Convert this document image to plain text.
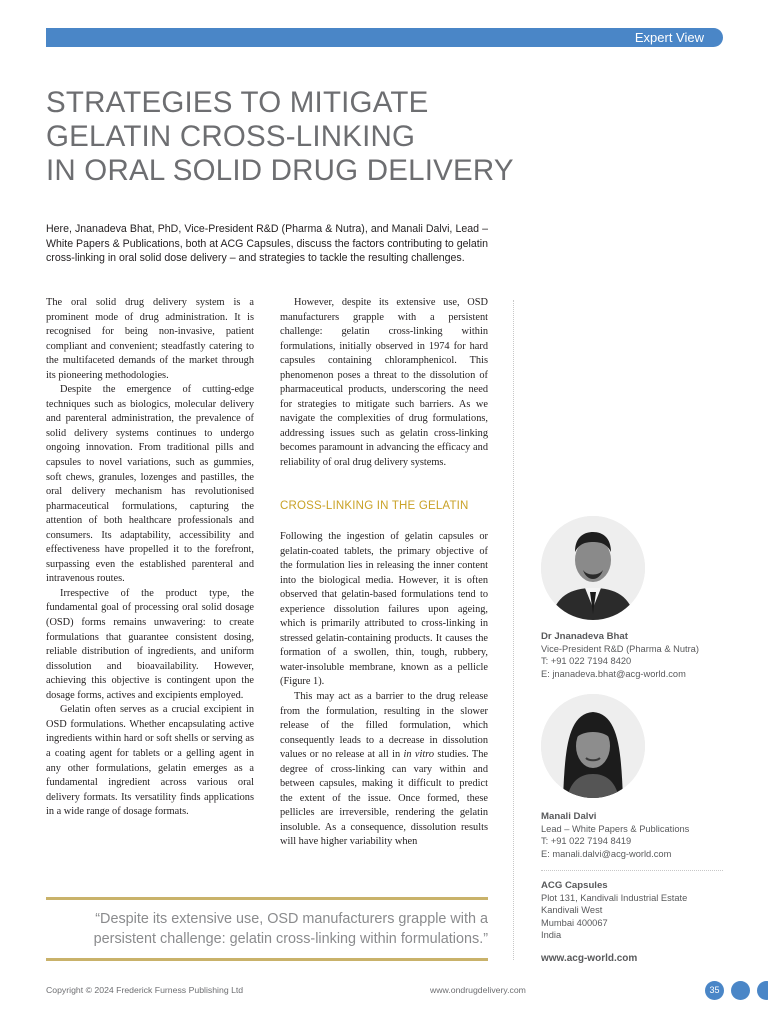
Expert View
STRATEGIES TO MITIGATE
GELATIN CROSS-LINKING
IN ORAL SOLID DRUG DELIVERY
Here, Jnanadeva Bhat, PhD, Vice-President R&D (Pharma & Nutra), and Manali Dalvi, Lead – White Papers & Publications, both at ACG Capsules, discuss the factors contributing to gelatin cross-linking in oral solid dose delivery – and strategies to tackle the resulting challenges.

The oral solid drug delivery system is a prominent mode of drug administration. It is recognised for being non-invasive, patient compliant and convenient; steadfastly catering to the multifaceted demands of the market through its pioneering methodologies.

Despite the emergence of cutting-edge techniques such as biologics, molecular delivery and parenteral administration, the prevalence of solid delivery systems continues to undergo ongoing innovation. From traditional pills and capsules to novel variations, such as gummies, soft chews, granules, lozenges and pastilles, the oral delivery mechanism has revolutionised pharmaceutical formulations, capturing the attention of both healthcare professionals and consumers. Its adaptability, accessibility and effectiveness have propelled it to the forefront, surpassing even the established parenteral and intravenous routes.

Irrespective of the product type, the fundamental goal of processing oral solid dosage (OSD) forms remains unwavering: to create formulations that guarantee consistent dosing, reliable distribution of ingredients, and uniform dissolution and bioavailability. However, achieving this objective is contingent upon the dosage forms, actives and excipients employed.

Gelatin often serves as a crucial excipient in OSD formulations. Whether encapsulating active ingredients within hard or soft shells or serving as a coating agent for tablets or a gelling agent in any other formulations, gelatin emerges as a fundamental ingredient across various oral delivery formats. Its versatility finds applications in a wide range of dosage formats.

However, despite its extensive use, OSD manufacturers grapple with a persistent challenge: gelatin cross-linking within formulations, initially observed in 1974 for hard capsules containing chloramphenicol. This phenomenon poses a threat to the dissolution of pharmaceutical products, underscoring the need for strategies to mitigate such barriers. As we navigate the complexities of drug formulations, addressing issues such as gelatin cross-linking becomes paramount in advancing the efficacy and reliability of oral drug delivery systems.

CROSS-LINKING IN THE GELATIN

Following the ingestion of gelatin capsules or gelatin-coated tablets, the primary objective of the formulation lies in releasing the inner content into the biological media. However, it is often observed that gelatin-based formulations tend to experience dissolution failures upon ageing, which is primarily attributed to cross-linking in stressed gelatin-containing products. It causes the formation of a swollen, thin, tough, rubbery, water-insoluble membrane, known as a pellicle (Figure 1).

This may act as a barrier to the drug release from the formulation, resulting in the slower release of the filled formulation, which consequently leads to a decrease in dissolution values or no release at all in in vitro studies. The degree of cross-linking can vary within and between capsules, making it difficult to predict the extent of the issue. Once formed, these pellicles are irreversible, rendering the gelatin insoluble. As a consequence, dissolution results will have higher variability when

“Despite its extensive use, OSD manufacturers grapple with a persistent challenge: gelatin cross-linking within formulations.”
Dr Jnanadeva Bhat
Vice-President R&D (Pharma & Nutra)
T: +91 022 7194 8420
E: jnanadeva.bhat@acg-world.com
Manali Dalvi
Lead – White Papers & Publications
T: +91 022 7194 8419
E: manali.dalvi@acg-world.com
ACG Capsules
Plot 131, Kandivali Industrial Estate
Kandivali West
Mumbai 400067
India
www.acg-world.com
Copyright © 2024 Frederick Furness Publishing Ltd	www.ondrugdelivery.com	35
